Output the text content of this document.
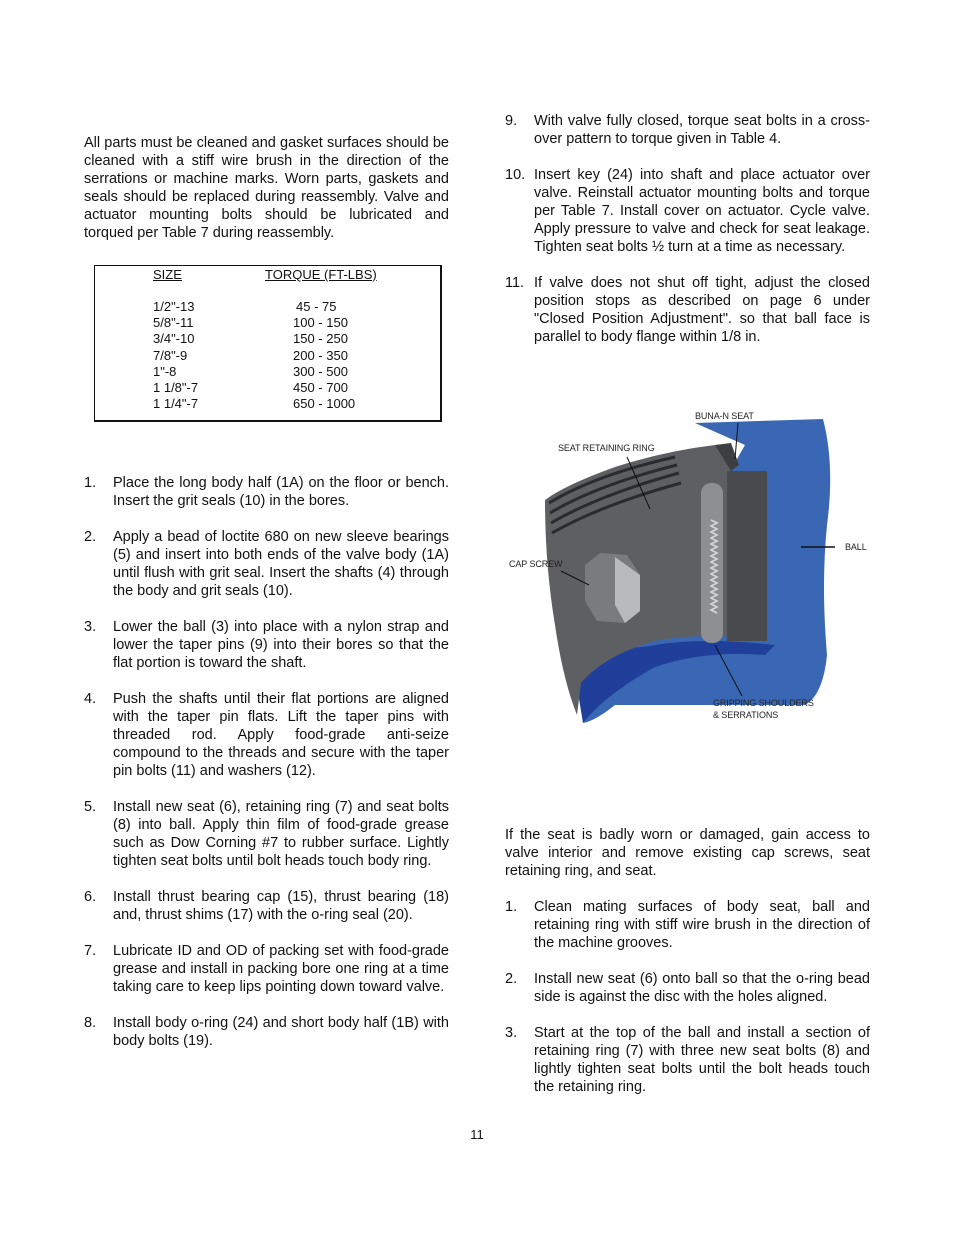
All parts must be cleaned and gasket surfaces should be cleaned with a stiff wire brush in the direction of the serrations or machine marks. Worn parts, gaskets and seals should be replaced during reassembly. Valve and actuator mounting bolts should be lubricated and torqued per Table 7 during reassembly.

SIZE	TORQUE (FT-LBS)
1/2"-13	45 - 75
5/8"-11	100 - 150
3/4"-10	150 - 250
7/8"-9	200 - 350
1"-8	300 - 500
1 1/8"-7	450 - 700
1 1/4"-7	650 - 1000
1. Place the long body half (1A) on the floor or bench. Insert the grit seals (10) in the bores.
2. Apply a bead of loctite 680 on new sleeve bearings (5) and insert into both ends of the valve body (1A) until flush with grit seal. Insert the shafts (4) through the body and grit seals (10).
3. Lower the ball (3) into place with a nylon strap and lower the taper pins (9) into their bores so that the flat portion is toward the shaft.
4. Push the shafts until their flat portions are aligned with the taper pin flats. Lift the taper pins with threaded rod. Apply food-grade anti-seize compound to the threads and secure with the taper pin bolts (11) and washers (12).
5. Install new seat (6), retaining ring (7) and seat bolts (8) into ball. Apply thin film of food-grade grease such as Dow Corning #7 to rubber surface. Lightly tighten seat bolts until bolt heads touch body ring.
6. Install thrust bearing cap (15), thrust bearing (18) and, thrust shims (17) with the o-ring seal (20).
7. Lubricate ID and OD of packing set with food-grade grease and install in packing bore one ring at a time taking care to keep lips pointing down toward valve.
8. Install body o-ring (24) and short body half (1B) with body bolts (19).
9. With valve fully closed, torque seat bolts in a cross-over pattern to torque given in Table 4.
10. Insert key (24) into shaft and place actuator over valve. Reinstall actuator mounting bolts and torque per Table 7. Install cover on actuator. Cycle valve. Apply pressure to valve and check for seat leakage. Tighten seat bolts ½ turn at a time as necessary.
11. If valve does not shut off tight, adjust the closed position stops as described on page 6 under "Closed Position Adjustment". so that ball face is parallel to body flange within 1/8 in.
BUNA-N SEAT
SEAT RETAINING RING
BALL
CAP SCREW
GRIPPING SHOULDERS
& SERRATIONS

If the seat is badly worn or damaged, gain access to valve interior and remove existing cap screws, seat retaining ring, and seat.

1. Clean mating surfaces of body seat, ball and retaining ring with stiff wire brush in the direction of the machine grooves.
2. Install new seat (6) onto ball so that the o-ring bead side is against the disc with the holes aligned.
3. Start at the top of the ball and install a section of retaining ring (7) with three new seat bolts (8) and lightly tighten seat bolts until the bolt heads touch the retaining ring.
11
